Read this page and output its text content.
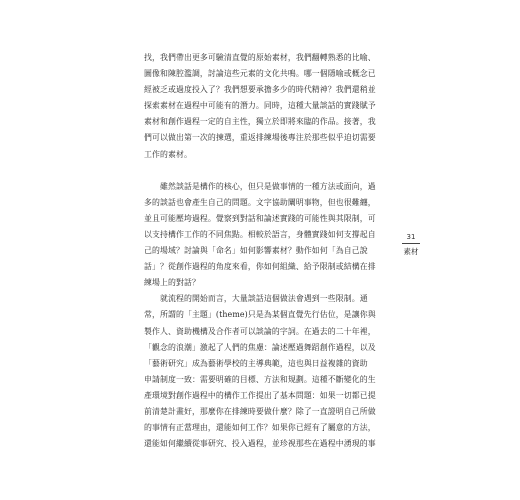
找，我們帶出更多可驗清直覺的原始素材，我們翻轉熟悉的比喻、
圖像和陳腔濫調，討論這些元素的文化共鳴。哪一個隱喻或概念已
經被乏或過度投入了？我們想要承擔多少的時代精神？我們還稍並
探索素材在過程中可能有的潛力。同時，這種大量談話的實踐賦予
素材和創作過程一定的自主性，獨立於即將來臨的作品。接著，我
們可以做出第一次的揀選，重返排練場後專注於那些似乎迫切需要
工作的素材。

　　雖然談話是構作的核心，但只是做事情的一種方法或面向，過
多的談話也會產生自己的問題。文字協助闡明事物，但也很難纏，
並且可能壓垮過程。覺察到對話和論述實踐的可能性與其限制，可
以支持構作工作的不同焦點。相較於語言，身體實踐如何支撐起自
己的場域？討論與「命名」如何影響素材？動作如何「為自己說
話」？從創作過程的角度來看，你如何組織、給予限制或結構在排
練場上的對話？

　　就流程的開始而言，大量談話這個做法會遇到一些限制。通
常，所謂的「主題」(theme)只是為某個直覺先行估位，是讓你與
製作人、資助機構及合作者可以談論的字詞。在過去的二十年裡，
「觀念的浪潮」激起了人們的焦慮：論述壓過舞蹈創作過程，以及
「藝術研究」成為藝術學校的主導典範，這也與日益複雜的資助
申請制度一致：需要明確的目標、方法和規劃。這種不斷變化的生
產環境對創作過程中的構作工作提出了基本問題：如果一切都已提
前清楚計畫好，那麼你在排練時要做什麼？除了一直證明自己所做
的事情有正當理由，還能如何工作？如果你已經有了屬意的方法，
還能如何繼續從事研究、投入過程，並珍視那些在過程中湧現的事

31
素材
